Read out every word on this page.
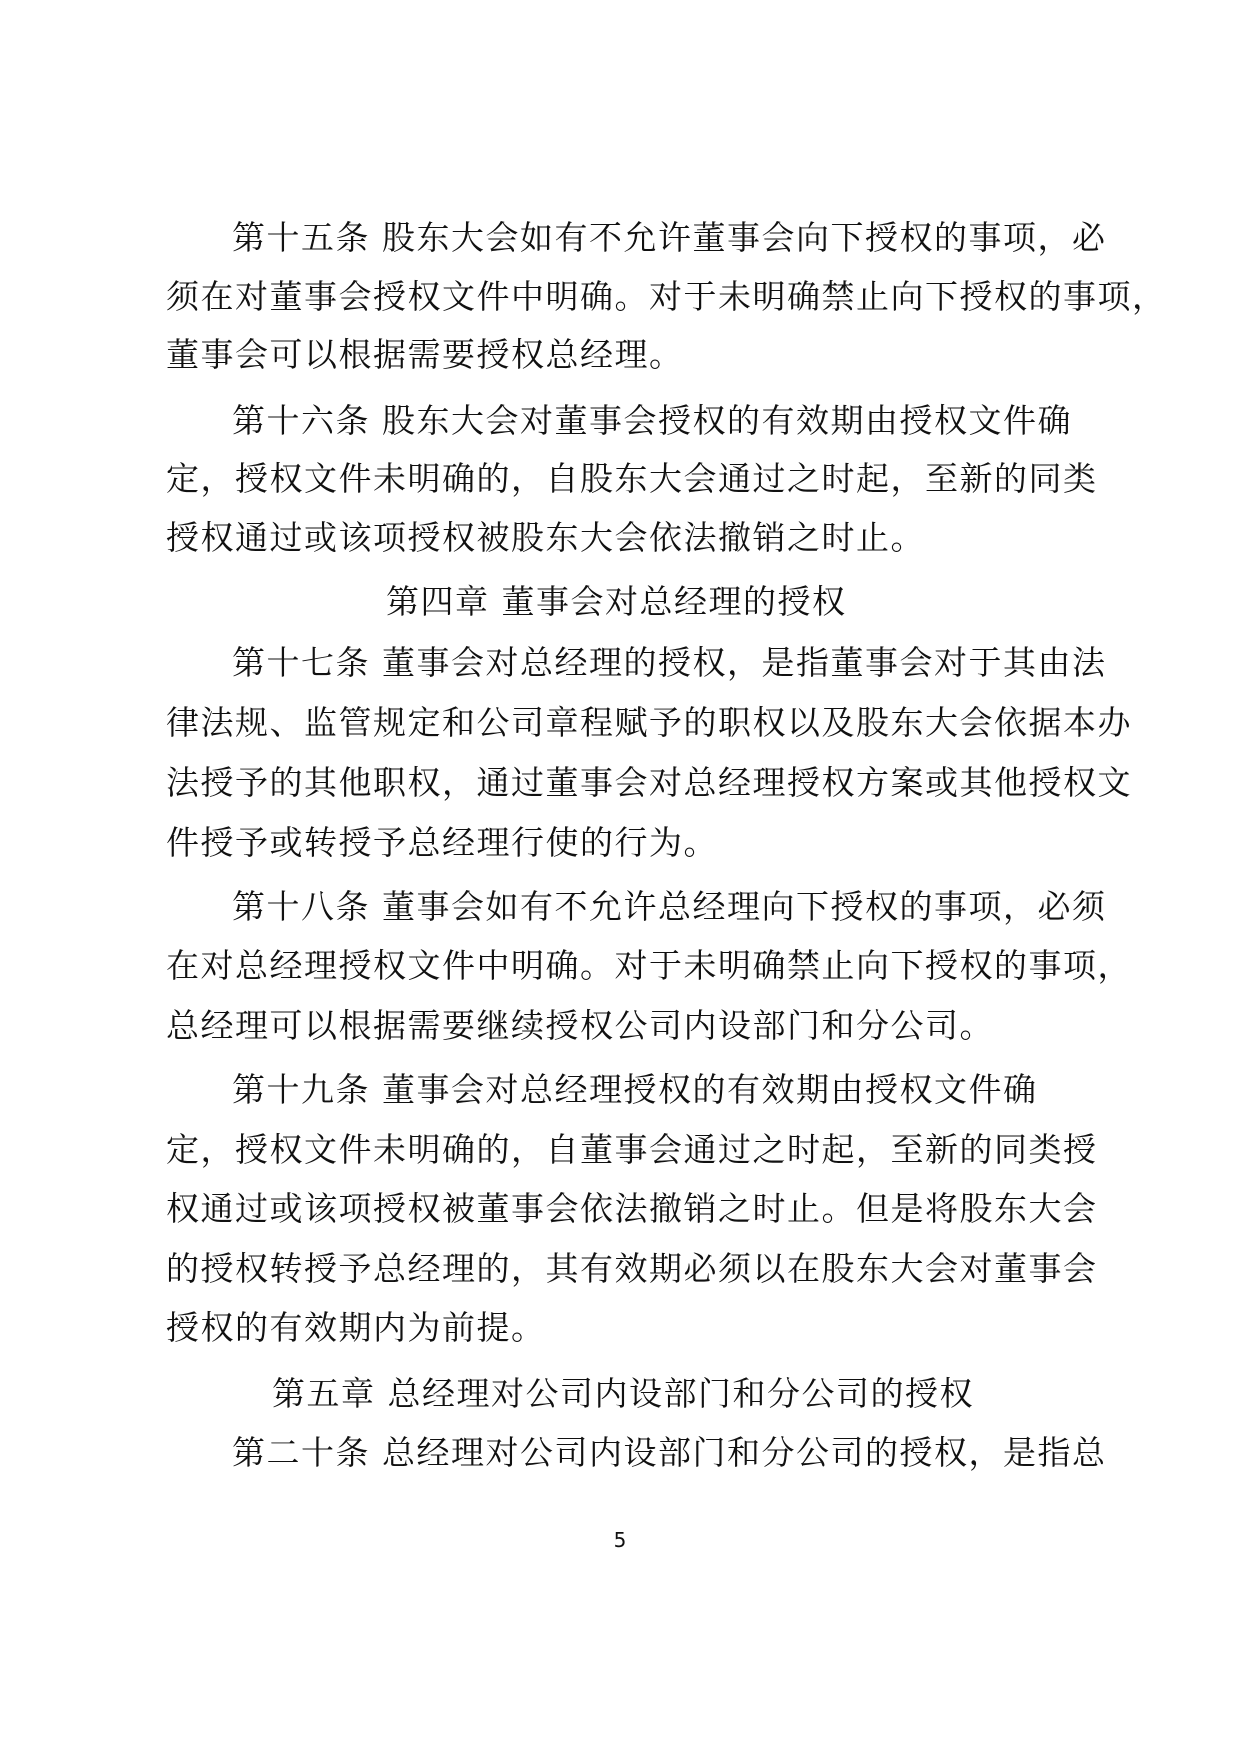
第十五条 股东大会如有不允许董事会向下授权的事项，必
须在对董事会授权文件中明确。对于未明确禁止向下授权的事项，
董事会可以根据需要授权总经理。
第十六条 股东大会对董事会授权的有效期由授权文件确
定，授权文件未明确的，自股东大会通过之时起，至新的同类
授权通过或该项授权被股东大会依法撤销之时止。
第四章 董事会对总经理的授权
第十七条 董事会对总经理的授权，是指董事会对于其由法
律法规、监管规定和公司章程赋予的职权以及股东大会依据本办
法授予的其他职权，通过董事会对总经理授权方案或其他授权文
件授予或转授予总经理行使的行为。
第十八条 董事会如有不允许总经理向下授权的事项，必须
在对总经理授权文件中明确。对于未明确禁止向下授权的事项，
总经理可以根据需要继续授权公司内设部门和分公司。
第十九条 董事会对总经理授权的有效期由授权文件确
定，授权文件未明确的，自董事会通过之时起，至新的同类授
权通过或该项授权被董事会依法撤销之时止。但是将股东大会
的授权转授予总经理的，其有效期必须以在股东大会对董事会
授权的有效期内为前提。
第五章 总经理对公司内设部门和分公司的授权
第二十条 总经理对公司内设部门和分公司的授权，是指总
5
